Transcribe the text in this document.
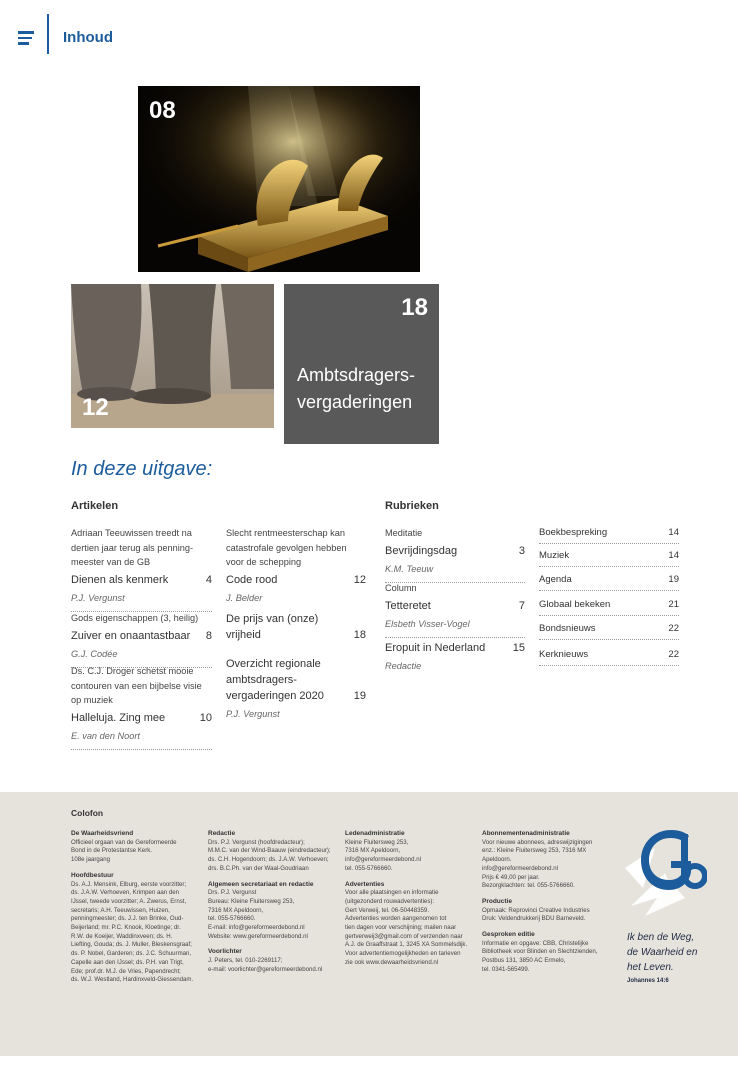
Inhoud
08
12
18
Ambtsdragers-
vergaderingen
In deze uitgave:
Artikelen	Rubrieken
Adriaan Teeuwissen treedt na dertien jaar terug als penningmeester van de GB
Dienen als kenmerk	4
P.J. Vergunst
Gods eigenschappen (3, heilig)
Zuiver en onaantastbaar 8
G.J. Codée
Ds. C.J. Droger schetst mooie contouren van een bijbelse visie op muziek
Halleluja. Zing mee	10
E. van den Noort
Slecht rentmeesterschap kan catastrofale gevolgen hebben voor de schepping
Code rood	12
J. Belder
De prijs van (onze) vrijheid	18
Overzicht regionale ambtsdragersvergaderingen 2020	19
P.J. Vergunst
Meditatie
Bevrijdingsdag	3
K.M. Teeuw
Column
Tetteretet	7
Elsbeth Visser-Vogel
Eropuit in Nederland 15
Redactie
Boekbespreking	14
Muziek	14
Agenda	19
Globaal bekeken	21
Bondsnieuws	22
Kerknieuws	22
Colofon
De Waarheidsvriend
Officieel orgaan van de Gereformeerde
Bond in de Protestantse Kerk.
108e jaargang
Hoofdbestuur
Ds. A.J. Mensink, Elburg, eerste voorzitter;
ds. J.A.W. Verhoeven, Krimpen aan den
IJssel, tweede voorzitter; A. Zwerus, Ernst,
secretaris; A.H. Teeuwissen, Huizen,
penningmeester; ds. J.J. ten Brinke, Oud-
Beijerland; mr. P.C. Knook, Kloetinge; dr.
R.W. de Koeijer, Waddinxveen; ds. H.
Liefting, Gouda; ds. J. Muller, Bleskensgraaf;
ds. P. Nobel, Garderen; ds. J.C. Schuurman,
Capelle aan den IJssel; ds. P.H. van Trigt,
Ede; prof.dr. M.J. de Vries, Papendrecht;
ds. W.J. Westland, Hardinxveld-Giessendam.
Redactie
Drs. P.J. Vergunst (hoofdredacteur);
M.M.C. van der Wind-Baauw (eindredacteur);
ds. C.H. Hogendoorn; ds. J.A.W. Verhoeven;
drs. B.C.Ph. van der Waal-Goudriaan
Algemeen secretariaat en redactie
Drs. P.J. Vergunst
Bureau: Kleine Fluitersweg 253,
7316 MX Apeldoorn,
tel. 055-5766660.
E-mail: info@gereformeerdebond.nl
Website: www.gereformeerdebond.nl
Voorlichter
J. Peters, tel. 010-2269117;
e-mail: voorlichter@gereformeerdebond.nl
Ledenadministratie
Kleine Fluitersweg 253,
7316 MX Apeldoorn,
info@gereformeerdebond.nl
tel. 055-5766660.
Advertenties
Voor alle plaatsingen en informatie
(uitgezonderd rouwadvertenties):
Gert Verweij, tel. 06-50448359.
Advertenties worden aangenomen tot
tien dagen voor verschijning; mailen naar
gertverweij3@gmail.com of verzenden naar
A.J. de Graaffstraat 1, 3245 XA Sommelsdijk.
Voor advertentiemogelijkheden en tarieven
zie ook www.dewaarheidsvriend.nl
Abonnementenadministratie
Voor nieuwe abonnees, adreswijzigingen
enz.: Kleine Fluitersweg 253, 7316 MX
Apeldoorn.
info@gereformeerdebond.nl
Prijs € 49,00 per jaar.
Bezorgklachten: tel. 055-5766660.
Productie
Opmaak: Reprovinci Creative Industries
Druk: Veldendrukkerij BDU Barneveld.
Gesproken editie
Informatie en opgave: CBB, Christelijke
Bibliotheek voor Blinden en Slechtzienden,
Postbus 131, 3850 AC Ermelo,
tel. 0341-565499.
Ik ben de Weg,
de Waarheid en
het Leven.
Johannes 14:6
